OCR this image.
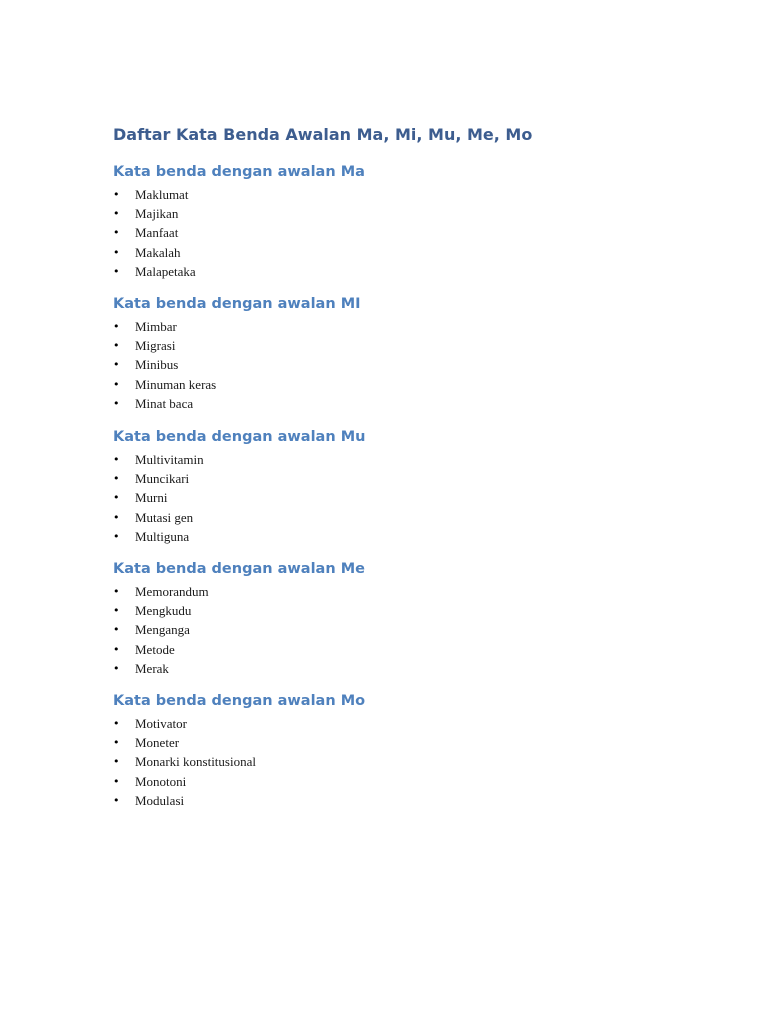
Daftar Kata Benda Awalan Ma, Mi, Mu, Me, Mo
Kata benda dengan awalan Ma
• Maklumat
• Majikan
• Manfaat
• Makalah
• Malapetaka
Kata benda dengan awalan MI
• Mimbar
• Migrasi
• Minibus
• Minuman keras
• Minat baca
Kata benda dengan awalan Mu
• Multivitamin
• Muncikari
• Murni
• Mutasi gen
• Multiguna
Kata benda dengan awalan Me
• Memorandum
• Mengkudu
• Menganga
• Metode
• Merak
Kata benda dengan awalan Mo
• Motivator
• Moneter
• Monarki konstitusional
• Monotoni
• Modulasi
